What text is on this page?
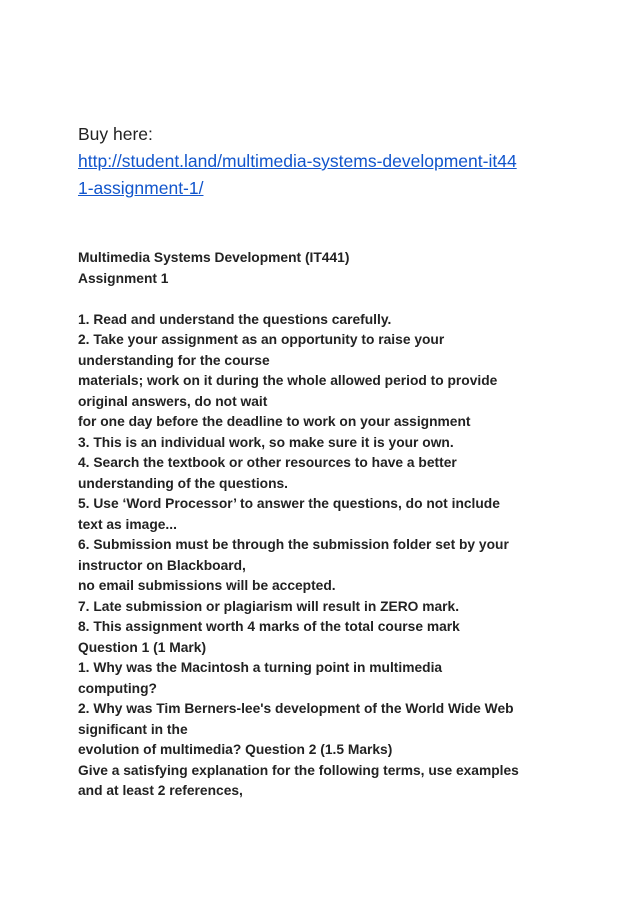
Buy here:
http://student.land/multimedia-systems-development-it44
1-assignment-1/
Multimedia Systems Development (IT441)
Assignment 1
1. Read and understand the questions carefully.
2. Take your assignment as an opportunity to raise your
understanding for the course
materials; work on it during the whole allowed period to provide
original answers, do not wait
for one day before the deadline to work on your assignment
3. This is an individual work, so make sure it is your own.
4. Search the textbook or other resources to have a better
understanding of the questions.
5. Use ‘Word Processor’ to answer the questions, do not include
text as image...
6. Submission must be through the submission folder set by your
instructor on Blackboard,
no email submissions will be accepted.
7. Late submission or plagiarism will result in ZERO mark.
8. This assignment worth 4 marks of the total course mark
Question 1 (1 Mark)
1. Why was the Macintosh a turning point in multimedia
computing?
2. Why was Tim Berners-lee's development of the World Wide Web
significant in the
evolution of multimedia? Question 2 (1.5 Marks)
Give a satisfying explanation for the following terms, use examples
and at least 2 references,
